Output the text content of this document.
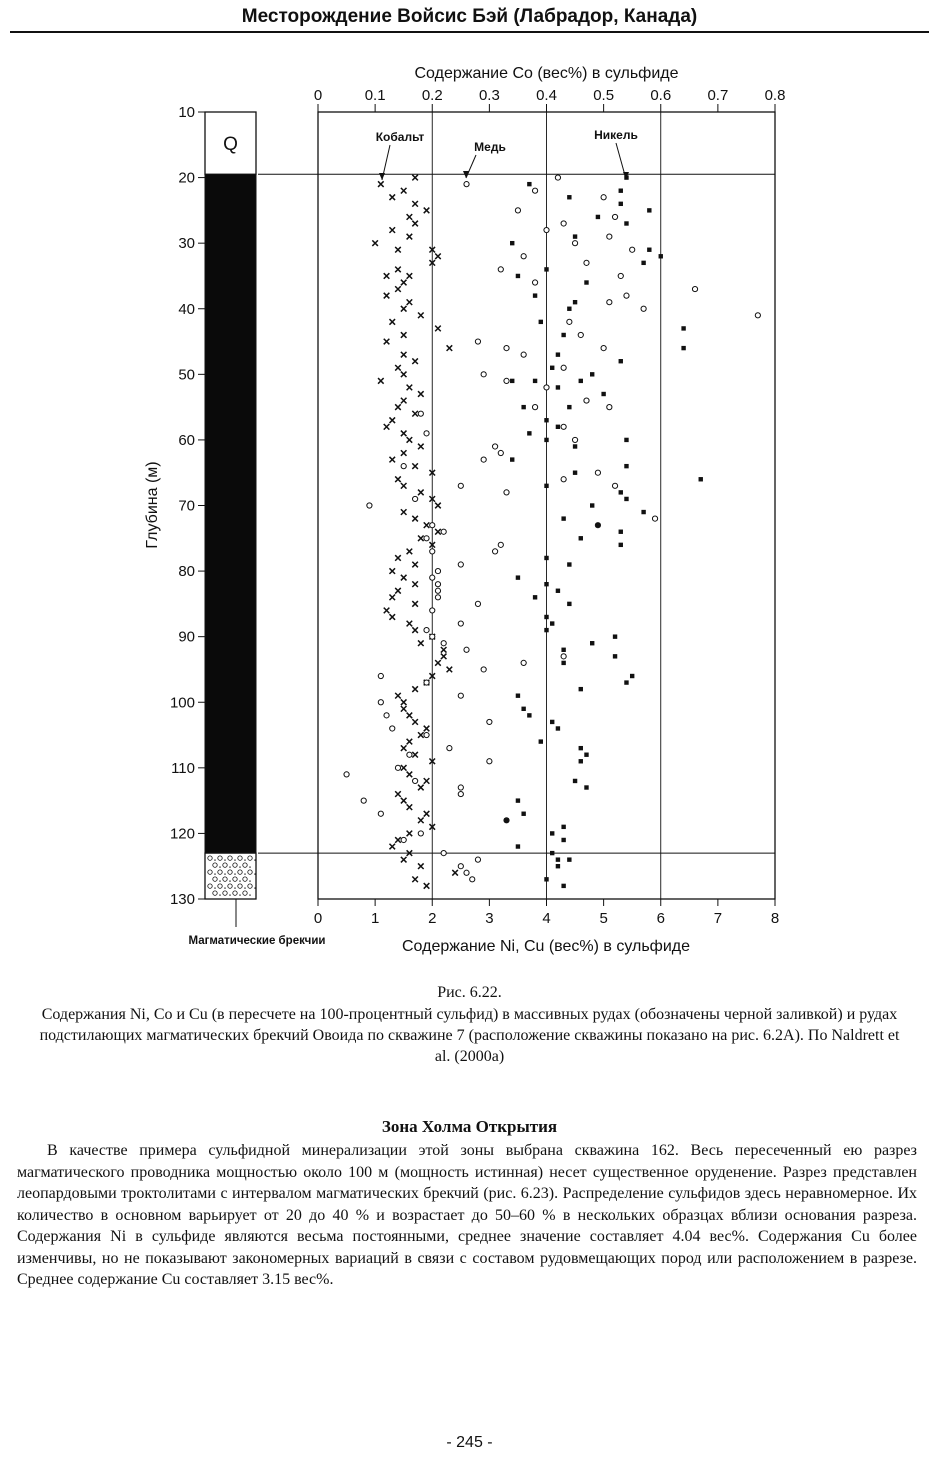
Месторождение Войсис Бэй (Лабрадор, Канада)
0	0.1 0.2 0.3 0.4 0.5 0.6 0.7 0.8
Содержание Co (вес%) в сульфиде
0	1	2	3	4	5	6	7	8
Содержание Ni, Cu (вес%) в сульфиде
Q
Магматические брекчии
10
20
30
40
50
60
70
80
90
100
110
120
130
Глубина (м)
Кобальт
Медь
Никель
Рис. 6.22.
Содержания Ni, Co и Cu (в пересчете на 100-процентный сульфид) в массивных рудах (обозначены черной заливкой) и рудах подстилающих магматических брекчий Овоида по скважине 7 (расположение скважины показано на рис. 6.2A). По Naldrett et al. (2000a)
Зона Холма Открытия

В качестве примера сульфидной минерализации этой зоны выбрана скважина 162. Весь пересеченный ею разрез магматического проводника мощностью около 100 м (мощность истинная) несет существенное оруденение. Разрез представлен леопардовыми троктолитами с интервалом магматических брекчий (рис. 6.23). Распределение сульфидов здесь неравномерное. Их количество в основном варьирует от 20 до 40 % и возрастает до 50–60 % в нескольких образцах вблизи основания разреза. Содержания Ni в сульфиде являются весьма постоянными, среднее значение составляет 4.04 вес%. Содержания Cu более изменчивы, но не показывают закономерных вариаций в связи с составом рудовмещающих пород или расположением в разрезе. Среднее содержание Cu составляет 3.15 вес%.

- 245 -
